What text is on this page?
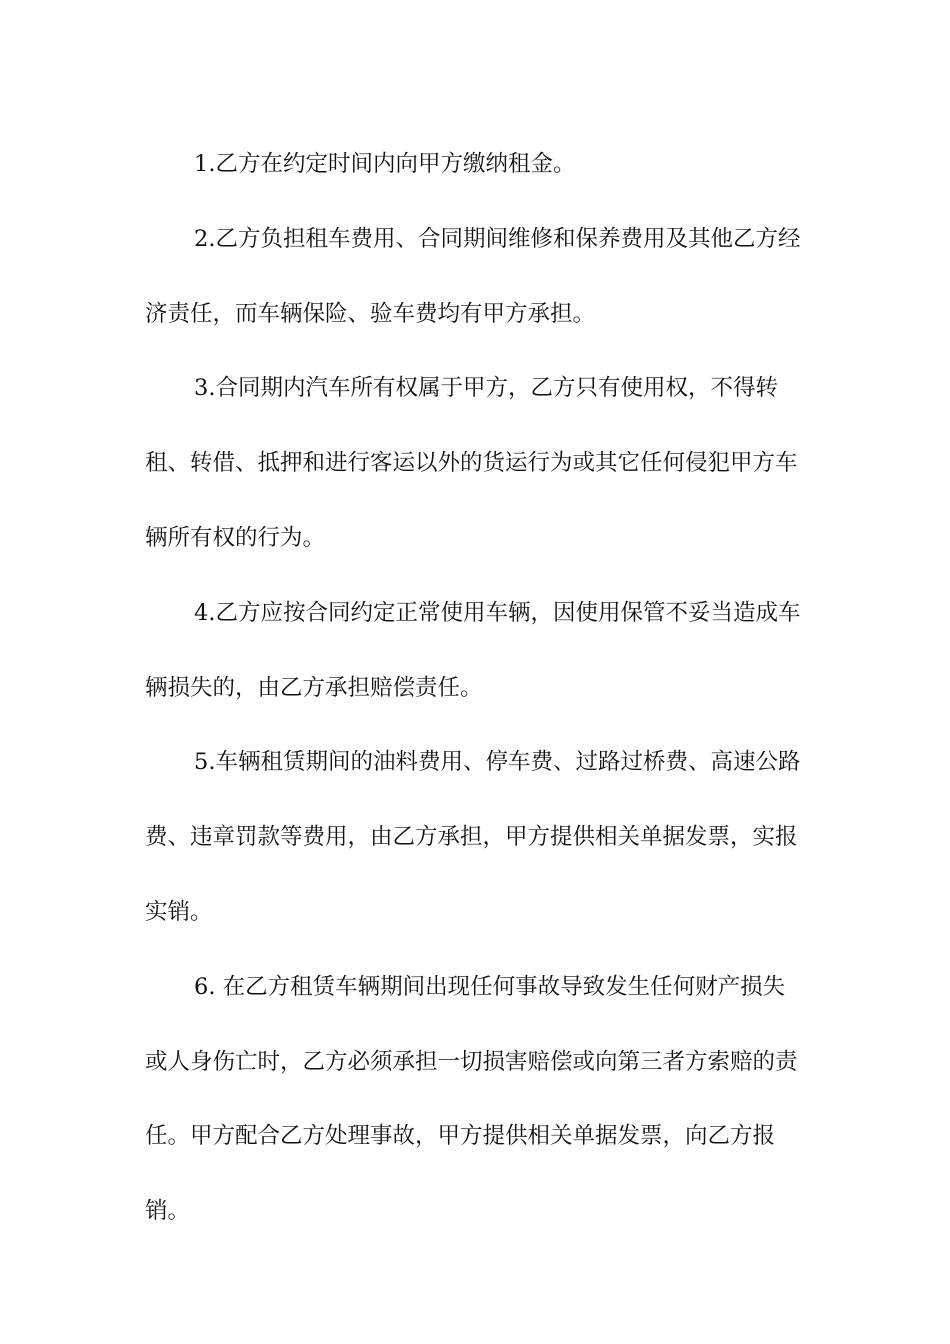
1.乙方在约定时间内向甲方缴纳租金。

2.乙方负担租车费用、合同期间维修和保养费用及其他乙方经济责任，而车辆保险、验车费均有甲方承担。

3.合同期内汽车所有权属于甲方，乙方只有使用权，不得转租、转借、抵押和进行客运以外的货运行为或其它任何侵犯甲方车辆所有权的行为。

4.乙方应按合同约定正常使用车辆，因使用保管不妥当造成车辆损失的，由乙方承担赔偿责任。

5.车辆租赁期间的油料费用、停车费、过路过桥费、高速公路费、违章罚款等费用，由乙方承担，甲方提供相关单据发票，实报实销。

6. 在乙方租赁车辆期间出现任何事故导致发生任何财产损失或人身伤亡时，乙方必须承担一切损害赔偿或向第三者方索赔的责任。甲方配合乙方处理事故，甲方提供相关单据发票，向乙方报销。
